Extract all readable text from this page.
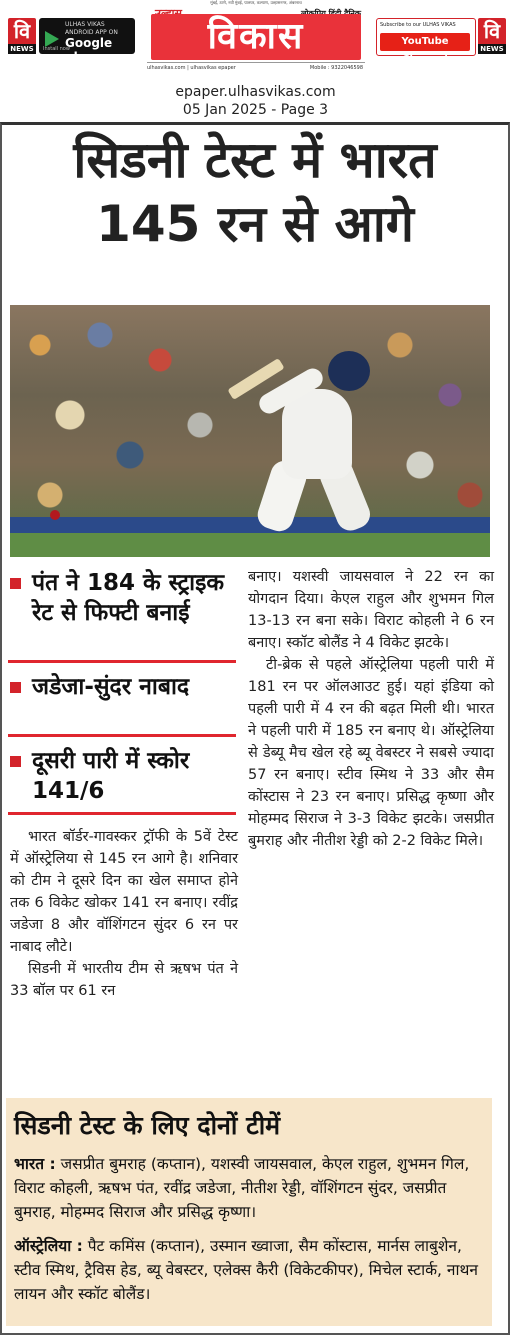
वि
NEWS
ULHAS VIKAS
ANDROID APP ON
Google play
Install now
मुंबई, ठाणे, नवी मुंबई, पालघर, कल्याण, उल्हासनगर, अंबरनाथ
विकास
ulhasvikas.com | ulhasvikas epaper	Mobile : 9322046598
Subscribe to our ULHAS VIKAS
YouTube Channel
वि
NEWS
epaper.ulhasvikas.com
05 Jan 2025 - Page 3
सिडनी टेस्ट में भारत
145 रन से आगे
पंत ने 184 के स्ट्राइक रेट से फिफ्टी बनाई
जडेजा-सुंदर नाबाद
दूसरी पारी में स्कोर 141/6

भारत बॉर्डर-गावस्कर ट्रॉफी के 5वें टेस्ट में ऑस्ट्रेलिया से 145 रन आगे है। शनिवार को टीम ने दूसरे दिन का खेल समाप्त होने तक 6 विकेट खोकर 141 रन बनाए। रवींद्र जडेजा 8 और वॉशिंगटन सुंदर 6 रन पर नाबाद लौटे।

सिडनी में भारतीय टीम से ऋषभ पंत ने 33 बॉल पर 61 रन

बनाए। यशस्वी जायसवाल ने 22 रन का योगदान दिया। केएल राहुल और शुभमन गिल 13-13 रन बना सके। विराट कोहली ने 6 रन बनाए। स्कॉट बोलैंड ने 4 विकेट झटके।

टी-ब्रेक से पहले ऑस्ट्रेलिया पहली पारी में 181 रन पर ऑलआउट हुई। यहां इंडिया को पहली पारी में 4 रन की बढ़त मिली थी। भारत ने पहली पारी में 185 रन बनाए थे। ऑस्ट्रेलिया से डेब्यू मैच खेल रहे ब्यू वेबस्टर ने सबसे ज्यादा 57 रन बनाए। स्टीव स्मिथ ने 33 और सैम कोंस्टास ने 23 रन बनाए। प्रसिद्ध कृष्णा और मोहम्मद सिराज ने 3-3 विकेट झटके। जसप्रीत बुमराह और नीतीश रेड्डी को 2-2 विकेट मिले।

सिडनी टेस्ट के लिए दोनों टीमें
भारत : जसप्रीत बुमराह (कप्तान), यशस्वी जायसवाल, केएल राहुल, शुभमन गिल, विराट कोहली, ऋषभ पंत, रवींद्र जडेजा, नीतीश रेड्डी, वॉशिंगटन सुंदर, जसप्रीत बुमराह, मोहम्मद सिराज और प्रसिद्ध कृष्णा।
ऑस्ट्रेलिया : पैट कमिंस (कप्तान), उस्मान ख्वाजा, सैम कोंस्टास, मार्नस लाबुशेन, स्टीव स्मिथ, ट्रैविस हेड, ब्यू वेबस्टर, एलेक्स कैरी (विकेटकीपर), मिचेल स्टार्क, नाथन लायन और स्कॉट बोलैंड।
